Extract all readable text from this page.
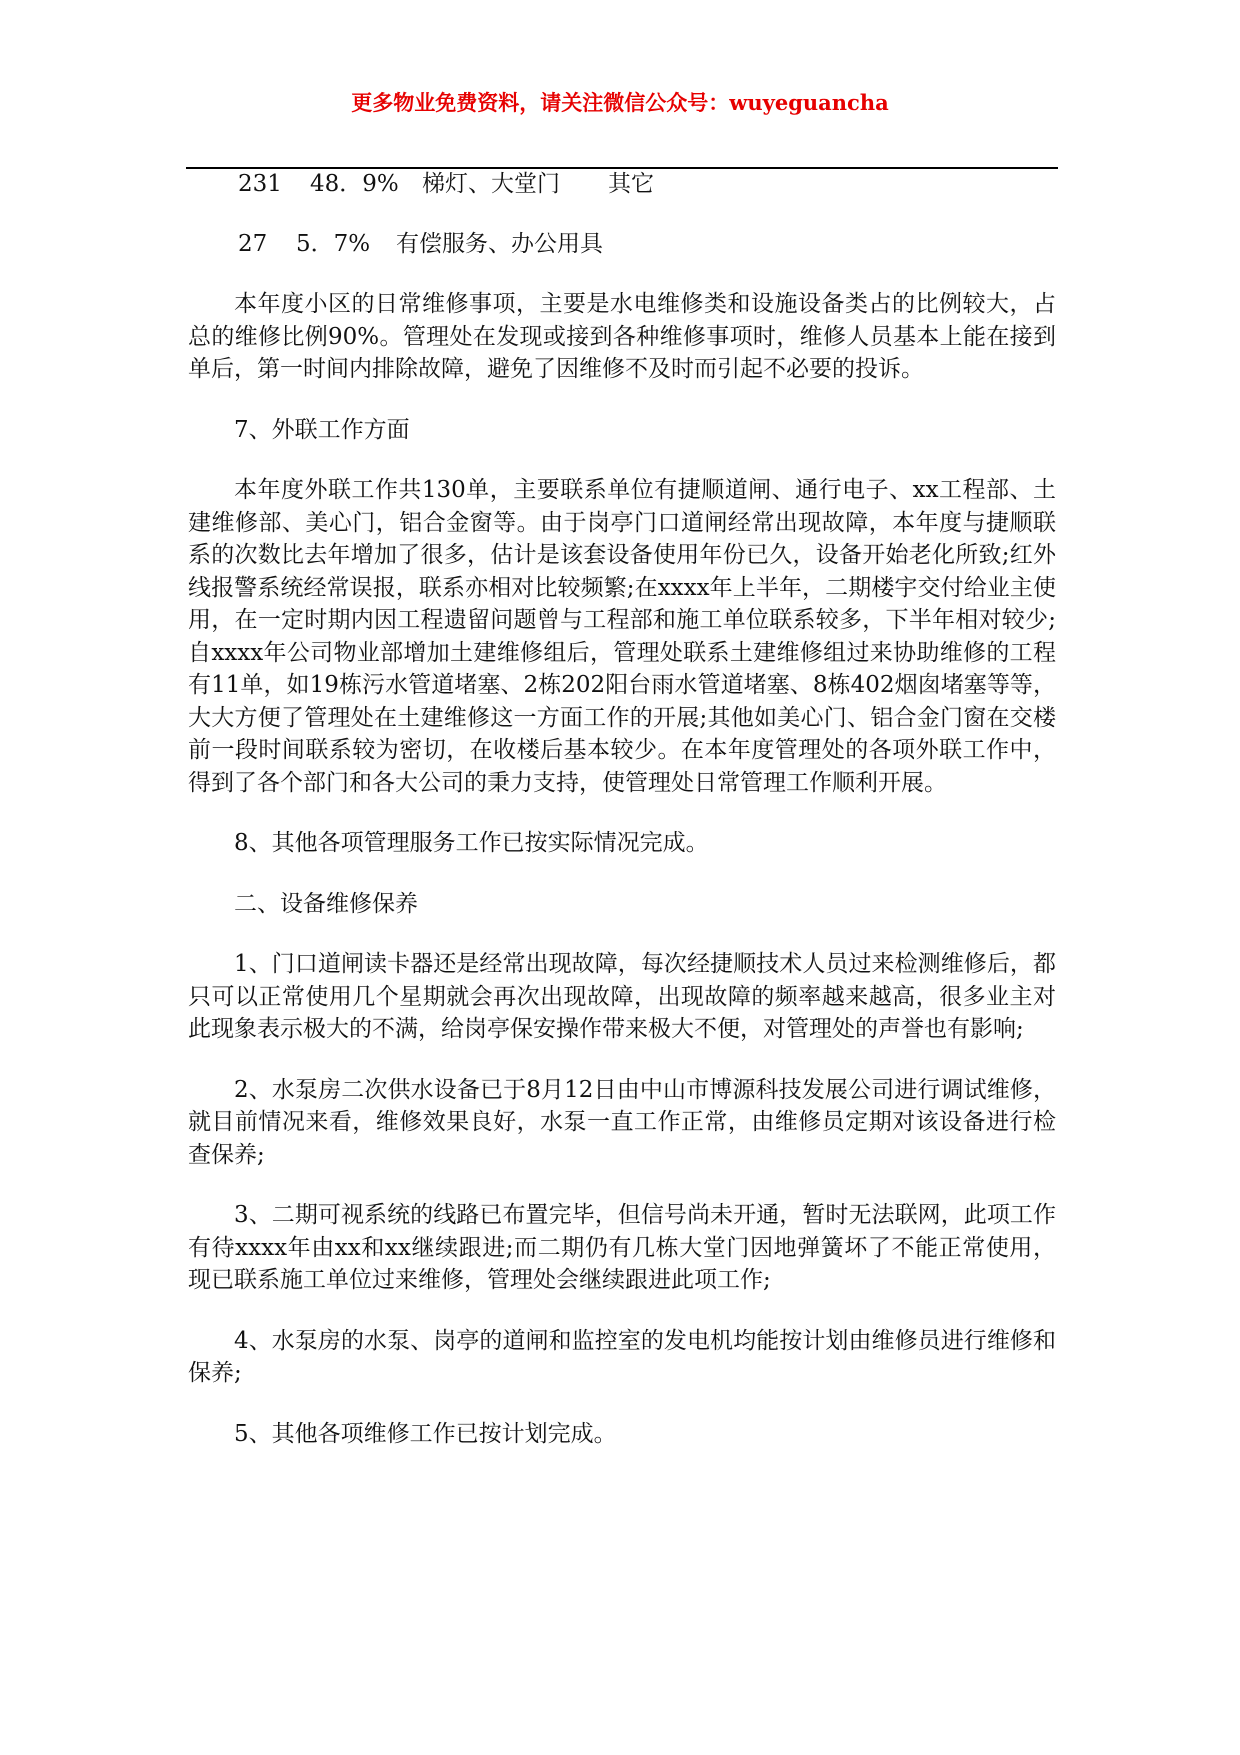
更多物业免费资料，请关注微信公众号：wuyeguancha
231 48．9% 梯灯、大堂门 其它
27 5．7% 有偿服务、办公用具

本年度小区的日常维修事项，主要是水电维修类和设施设备类占的比例较大，占总的维修比例90%。管理处在发现或接到各种维修事项时，维修人员基本上能在接到单后，第一时间内排除故障，避免了因维修不及时而引起不必要的投诉。

7、外联工作方面

本年度外联工作共130单，主要联系单位有捷顺道闸、通行电子、xx工程部、土建维修部、美心门，铝合金窗等。由于岗亭门口道闸经常出现故障，本年度与捷顺联系的次数比去年增加了很多，估计是该套设备使用年份已久，设备开始老化所致;红外线报警系统经常误报，联系亦相对比较频繁;在xxxx年上半年，二期楼宇交付给业主使用，在一定时期内因工程遗留问题曾与工程部和施工单位联系较多，下半年相对较少;自xxxx年公司物业部增加土建维修组后，管理处联系土建维修组过来协助维修的工程有11单，如19栋污水管道堵塞、2栋202阳台雨水管道堵塞、8栋402烟囱堵塞等等，大大方便了管理处在土建维修这一方面工作的开展;其他如美心门、铝合金门窗在交楼前一段时间联系较为密切，在收楼后基本较少。在本年度管理处的各项外联工作中，得到了各个部门和各大公司的秉力支持，使管理处日常管理工作顺利开展。

8、其他各项管理服务工作已按实际情况完成。

二、设备维修保养

1、门口道闸读卡器还是经常出现故障，每次经捷顺技术人员过来检测维修后，都只可以正常使用几个星期就会再次出现故障，出现故障的频率越来越高，很多业主对此现象表示极大的不满，给岗亭保安操作带来极大不便，对管理处的声誉也有影响;

2、水泵房二次供水设备已于8月12日由中山市博源科技发展公司进行调试维修，就目前情况来看，维修效果良好，水泵一直工作正常，由维修员定期对该设备进行检查保养;

3、二期可视系统的线路已布置完毕，但信号尚未开通，暂时无法联网，此项工作有待xxxx年由xx和xx继续跟进;而二期仍有几栋大堂门因地弹簧坏了不能正常使用，现已联系施工单位过来维修，管理处会继续跟进此项工作;

4、水泵房的水泵、岗亭的道闸和监控室的发电机均能按计划由维修员进行维修和保养;

5、其他各项维修工作已按计划完成。
